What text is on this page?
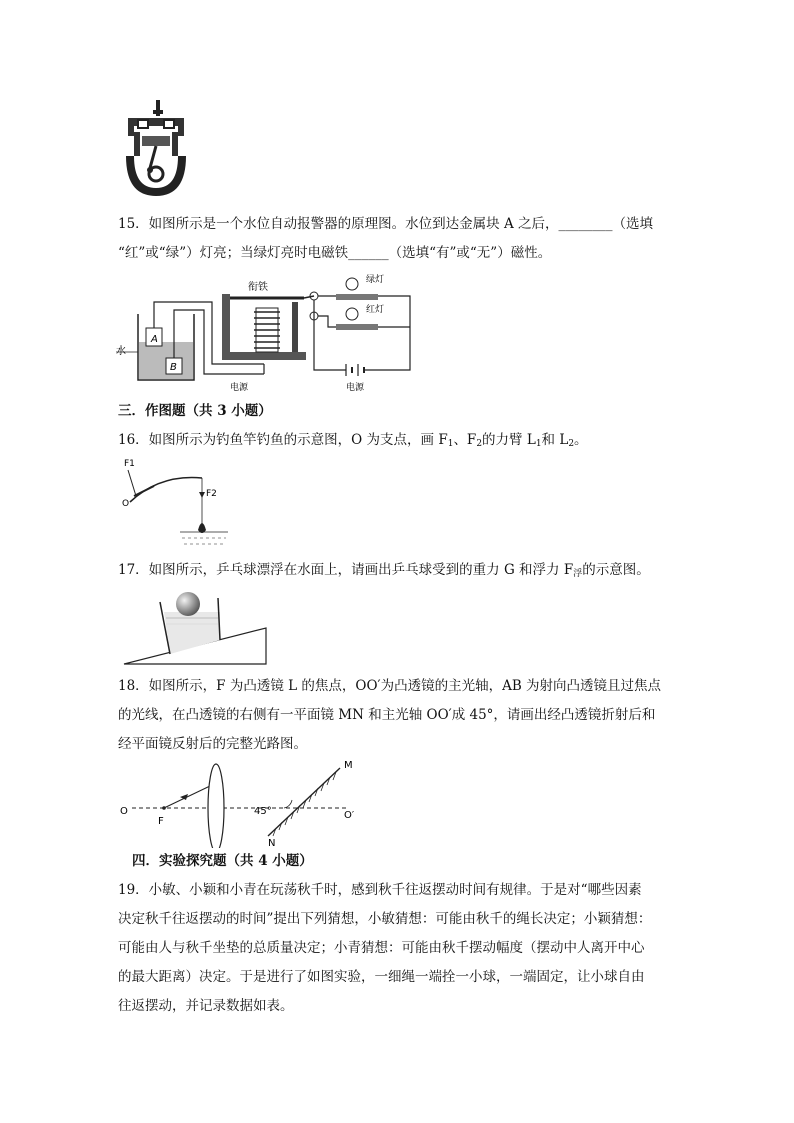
15．如图所示是一个水位自动报警器的原理图。水位到达金属块 A 之后，________（选填
“红”或“绿”）灯亮；当绿灯亮时电磁铁______（选填“有”或“无”）磁性。
A
B
水
衔铁
绿灯
红灯
电源	电源
三．作图题（共 3 小题）
16．如图所示为钓鱼竿钓鱼的示意图，O 为支点，画 $F_1$、$F_2$的力臂 $L_1$和 $L_2$。
F1
O
F2
17．如图所示，乒乓球漂浮在水面上，请画出乒乓球受到的重力 G 和浮力 $F_浮$的示意图。
18．如图所示，F 为凸透镜 L 的焦点，OO′为凸透镜的主光轴，AB 为射向凸透镜且过焦点
的光线，在凸透镜的右侧有一平面镜 MN 和主光轴 OO′成 45°，请画出经凸透镜折射后和
经平面镜反射后的完整光路图。
O
F
45°
M
N
O′
四．实验探究题（共 4 小题）
19．小敏、小颖和小青在玩荡秋千时，感到秋千往返摆动时间有规律。于是对“哪些因素
决定秋千往返摆动的时间”提出下列猜想，小敏猜想：可能由秋千的绳长决定；小颖猜想：
可能由人与秋千坐垫的总质量决定；小青猜想：可能由秋千摆动幅度（摆动中人离开中心
的最大距离）决定。于是进行了如图实验，一细绳一端拴一小球，一端固定，让小球自由
往返摆动，并记录数据如表。
